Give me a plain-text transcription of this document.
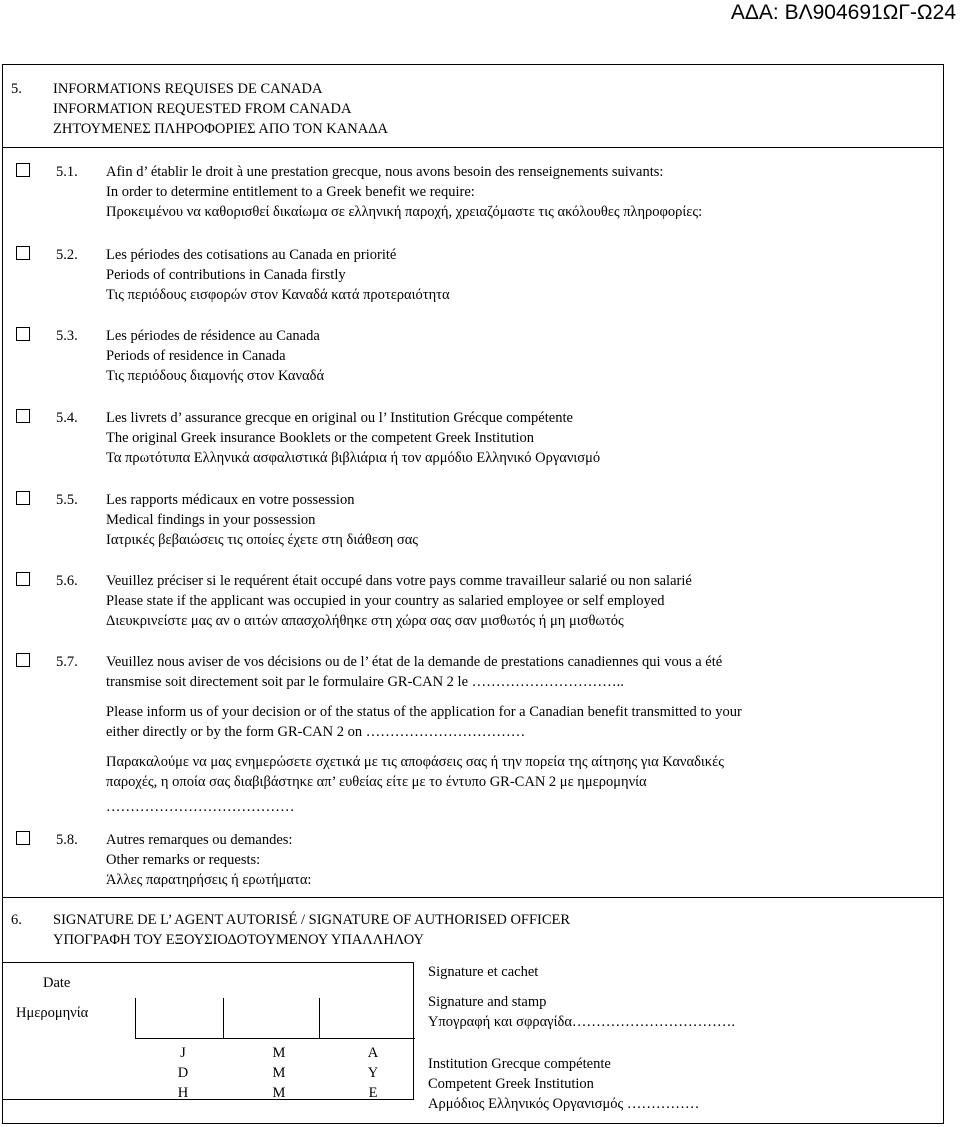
ΑΔΑ: ΒΛ904691ΩΓ-Ω24
5. INFORMATIONS REQUISES DE CANADA
INFORMATION REQUESTED FROM CANADA
ΖΗΤΟΥΜΕΝΕΣ ΠΛΗΡΟΦΟΡΙΕΣ ΑΠΟ ΤΟΝ ΚΑΝΑΔΑ
5.1. Afin d’ établir le droit à une prestation grecque, nous avons besoin des renseignements suivants:
In order to determine entitlement to a Greek benefit we require:
Προκειμένου να καθορισθεί δικαίωμα σε ελληνική παροχή, χρειαζόμαστε τις ακόλουθες πληροφορίες:
5.2. Les périodes des cotisations au Canada en priorité
Periods of contributions in Canada firstly
Τις περιόδους εισφορών στον Καναδά κατά προτεραιότητα
5.3. Les périodes de résidence au Canada
Periods of residence in Canada
Τις περιόδους διαμονής στον Καναδά
5.4. Les livrets d’ assurance grecque en original ou l’ Institution Grécque compétente
The original Greek insurance Booklets or the competent Greek Institution
Τα πρωτότυπα Ελληνικά ασφαλιστικά βιβλιάρια ή τον αρμόδιο Ελληνικό Οργανισμό
5.5. Les rapports médicaux en votre possession
Medical findings in your possession
Ιατρικές βεβαιώσεις τις οποίες έχετε στη διάθεση σας
5.6. Veuillez préciser si le requérent était occupé dans votre pays comme travailleur salarié ou non salarié
Please state if the applicant was occupied in your country as salaried employee or self employed
Διευκρινείστε μας αν ο αιτών απασχολήθηκε στη χώρα σας σαν μισθωτός ή μη μισθωτός
5.7. Veuillez nous aviser de vos décisions ou de l’ état de la demande de prestations canadiennes qui vous a été
transmise soit directement soit par le formulaire GR-CAN 2 le …………………………..
Please inform us of your decision or of the status of the application for a Canadian benefit transmitted to your
either directly or by the form GR-CAN 2 on ……………………………
Παρακαλούμε να μας ενημερώσετε σχετικά με τις αποφάσεις σας ή την πορεία της αίτησης για Καναδικές
παροχές, η οποία σας διαβιβάστηκε απ’ ευθείας είτε με το έντυπο GR-CAN 2 με ημερομηνία
…………………………………
5.8. Autres remarques ou demandes:
Other remarks or requests:
Άλλες παρατηρήσεις ή ερωτήματα:
6. SIGNATURE DE L’ AGENT AUTORISÉ / SIGNATURE OF AUTHORISED OFFICER
ΥΠΟΓΡΑΦΗ ΤΟΥ ΕΞΟΥΣΙΟΔΟΤΟΥΜΕΝΟΥ ΥΠΑΛΛΗΛΟΥ
Date
Ημερομηνία
J
D
H
M
M
M
A
Y
E
Signature et cachet
Signature and stamp
Υπογραφή και σφραγίδα…………………………….
Institution Grecque compétente
Competent Greek Institution
Αρμόδιος Ελληνικός Οργανισμός ……………
